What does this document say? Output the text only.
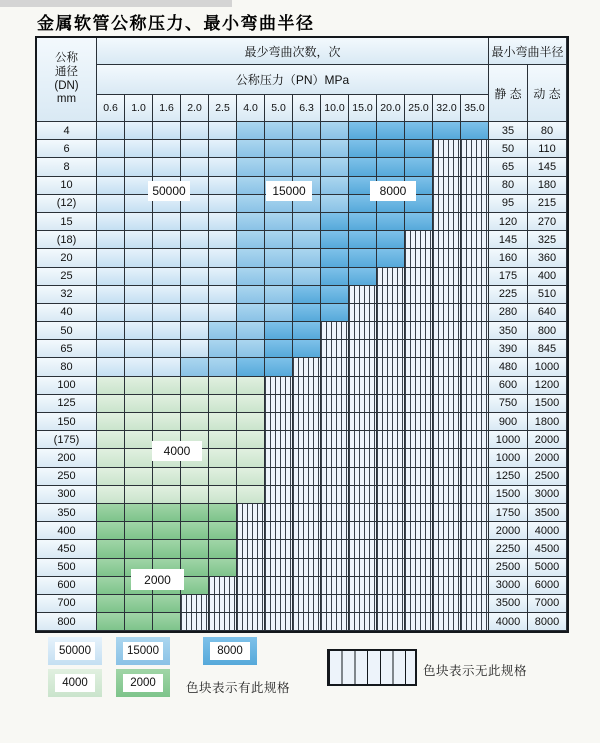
金属软管公称压力、最小弯曲半径
公称
通径
(DN)
mm
最少弯曲次数，次	最小弯曲半径
公称压力（PN）MPa
静 态 动 态
0.6	1.0	1.6	2.0	2.5	4.0	5.0	6.3 10.0 15.0 20.0 25.0 32.0 35.0
4	35	80
6	50	110
8	65	145
10	80	180
(12)	95	215
15	120	270
(18)	145	325
20	160	360
25	175	400
32	225	510
40	280	640
50	350	800
65	390	845
80	480	1000
100	600	1200
125	750	1500
150	900	1800
(175)	1000	2000
200	1000	2000
250	1250	2500
300	1500	3000
350	1750	3500
400	2000	4000
450	2250	4500
500	2500	5000
600	3000	6000
700	3500	7000
800	4000	8000
50000	15000	8000
4000
2000
色块表示有此规格
色块表示无此规格
50000	15000	8000
4000	2000
